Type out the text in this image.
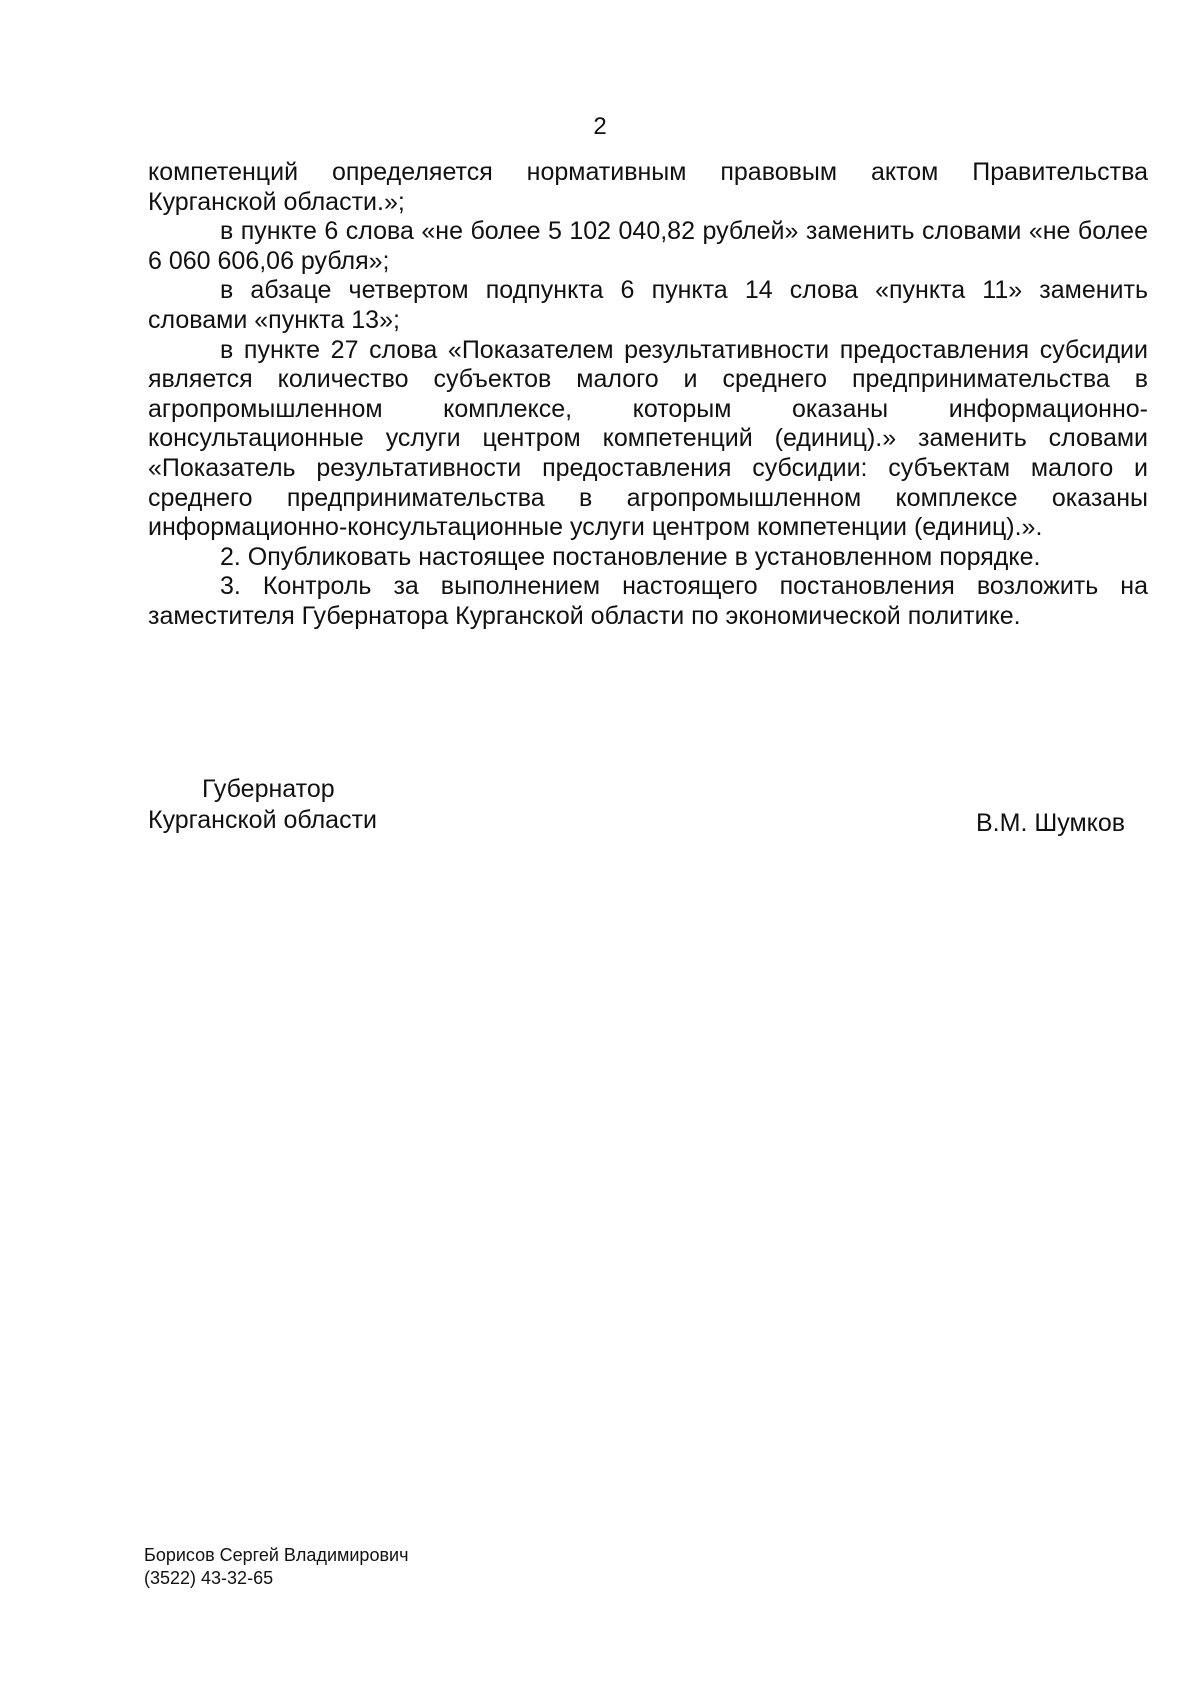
2

компетенций определяется нормативным правовым актом Правительства Курганской области.»;

в пункте 6 слова «не более 5 102 040,82 рублей» заменить словами «не более 6 060 606,06 рубля»;

в абзаце четвертом подпункта 6 пункта 14 слова «пункта 11» заменить словами «пункта 13»;

в пункте 27 слова «Показателем результативности предоставления субсидии является количество субъектов малого и среднего предпринимательства в агропромышленном комплексе, которым оказаны информационно-консультационные услуги центром компетенций (единиц).» заменить словами «Показатель результативности предоставления субсидии: субъектам малого и среднего предпринимательства в агропромышленном комплексе оказаны информационно-консультационные услуги центром компетенции (единиц).».

2. Опубликовать настоящее постановление в установленном порядке.

3. Контроль за выполнением настоящего постановления возложить на заместителя Губернатора Курганской области по экономической политике.

Губернатор
Курганской области	В.М. Шумков
Борисов Сергей Владимирович
(3522) 43-32-65
